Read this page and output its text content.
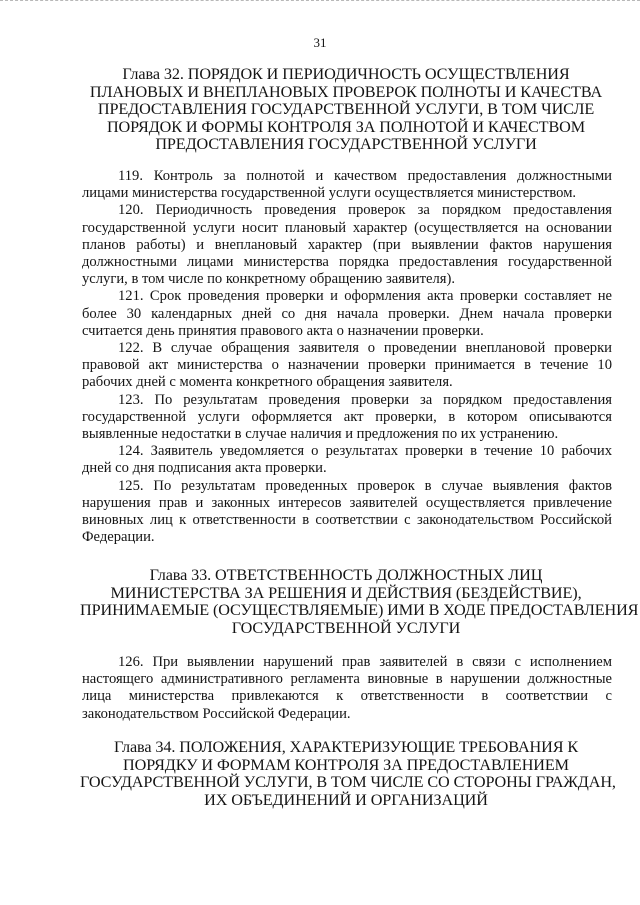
31
Глава 32. ПОРЯДОК И ПЕРИОДИЧНОСТЬ ОСУЩЕСТВЛЕНИЯ
ПЛАНОВЫХ И ВНЕПЛАНОВЫХ ПРОВЕРОК ПОЛНОТЫ И КАЧЕСТВА
ПРЕДОСТАВЛЕНИЯ ГОСУДАРСТВЕННОЙ УСЛУГИ, В ТОМ ЧИСЛЕ
ПОРЯДОК И ФОРМЫ КОНТРОЛЯ ЗА ПОЛНОТОЙ И КАЧЕСТВОМ
ПРЕДОСТАВЛЕНИЯ ГОСУДАРСТВЕННОЙ УСЛУГИ

119. Контроль за полнотой и качеством предоставления должностными лицами министерства государственной услуги осуществляется министерством.

120. Периодичность проведения проверок за порядком предоставления государственной услуги носит плановый характер (осуществляется на основании планов работы) и внеплановый характер (при выявлении фактов нарушения должностными лицами министерства порядка предоставления государственной услуги, в том числе по конкретному обращению заявителя).

121. Срок проведения проверки и оформления акта проверки составляет не более 30 календарных дней со дня начала проверки. Днем начала проверки считается день принятия правового акта о назначении проверки.

122. В случае обращения заявителя о проведении внеплановой проверки правовой акт министерства о назначении проверки принимается в течение 10 рабочих дней с момента конкретного обращения заявителя.

123. По результатам проведения проверки за порядком предоставления государственной услуги оформляется акт проверки, в котором описываются выявленные недостатки в случае наличия и предложения по их устранению.

124. Заявитель уведомляется о результатах проверки в течение 10 рабочих дней со дня подписания акта проверки.

125. По результатам проведенных проверок в случае выявления фактов нарушения прав и законных интересов заявителей осуществляется привлечение виновных лиц к ответственности в соответствии с законодательством Российской Федерации.

Глава 33. ОТВЕТСТВЕННОСТЬ ДОЛЖНОСТНЫХ ЛИЦ
МИНИСТЕРСТВА ЗА РЕШЕНИЯ И ДЕЙСТВИЯ (БЕЗДЕЙСТВИЕ),
ПРИНИМАЕМЫЕ (ОСУЩЕСТВЛЯЕМЫЕ) ИМИ В ХОДЕ ПРЕДОСТАВЛЕНИЯ
ГОСУДАРСТВЕННОЙ УСЛУГИ

126. При выявлении нарушений прав заявителей в связи с исполнением настоящего административного регламента виновные в нарушении должностные лица министерства привлекаются к ответственности в соответствии с законодательством Российской Федерации.

Глава 34. ПОЛОЖЕНИЯ, ХАРАКТЕРИЗУЮЩИЕ ТРЕБОВАНИЯ К
ПОРЯДКУ И ФОРМАМ КОНТРОЛЯ ЗА ПРЕДОСТАВЛЕНИЕМ
ГОСУДАРСТВЕННОЙ УСЛУГИ, В ТОМ ЧИСЛЕ СО СТОРОНЫ ГРАЖДАН,
ИХ ОБЪЕДИНЕНИЙ И ОРГАНИЗАЦИЙ
